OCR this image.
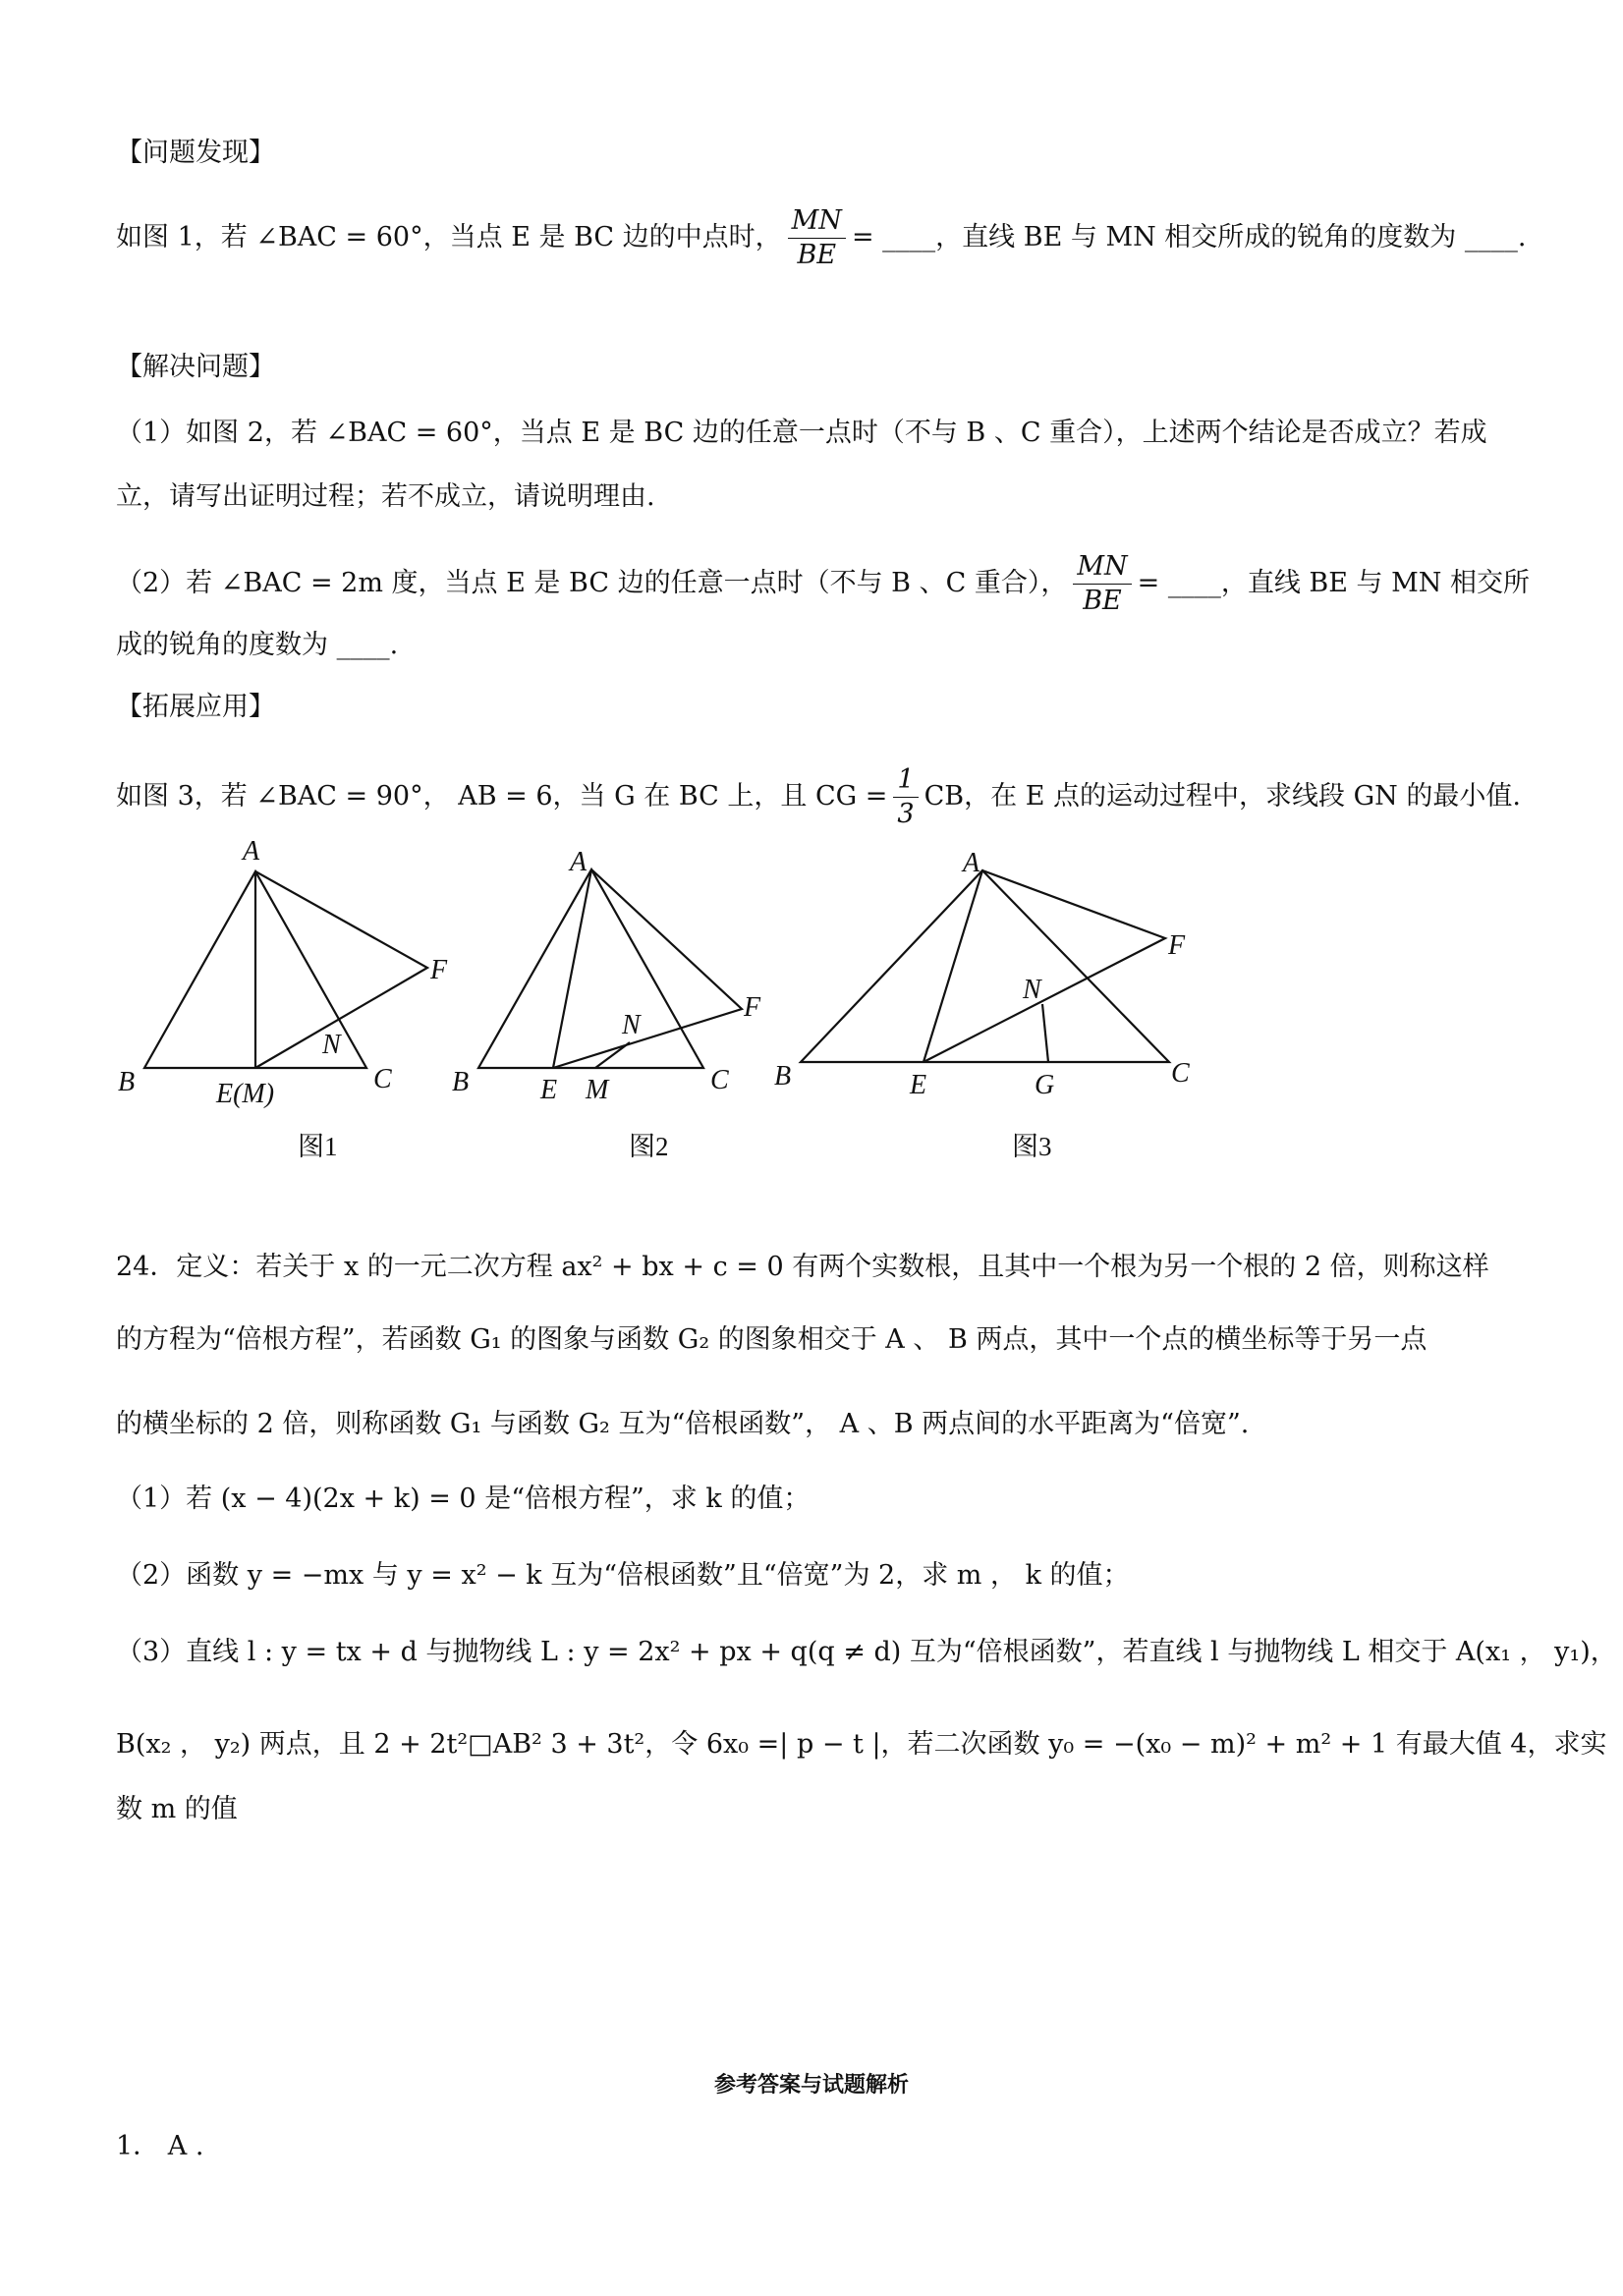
【问题发现】
如图 1，若 ∠BAC = 60°，当点 E 是 BC 边的中点时， $\frac{MN}{BE}$ = ____，直线 BE 与 MN 相交所成的锐角的度数为 ____.
【解决问题】
（1）如图 2，若 ∠BAC = 60°，当点 E 是 BC 边的任意一点时（不与 B 、C 重合），上述两个结论是否成立？若成
立，请写出证明过程；若不成立，请说明理由.
（2）若 ∠BAC = 2m 度，当点 E 是 BC 边的任意一点时（不与 B 、C 重合）， $\frac{MN}{BE}$ = ____，直线 BE 与 MN 相交所
成的锐角的度数为 ____.
【拓展应用】
如图 3，若 ∠BAC = 90°， AB = 6，当 G 在 BC 上，且 CG = $\frac{1}{3}$ CB，在 E 点的运动过程中，求线段 GN 的最小值.
A
B	C
E(M)
F
N
A
B	C
E M
F
N
A
B	C
E	G
F
N
图1	图2	图3
24．定义：若关于 x 的一元二次方程 ax² + bx + c = 0 有两个实数根，且其中一个根为另一个根的 2 倍，则称这样
的方程为“倍根方程”，若函数 G₁ 的图象与函数 G₂ 的图象相交于 A 、 B 两点，其中一个点的横坐标等于另一点
的横坐标的 2 倍，则称函数 G₁ 与函数 G₂ 互为“倍根函数”， A 、B 两点间的水平距离为“倍宽”.
（1）若 (x − 4)(2x + k) = 0 是“倍根方程”，求 k 的值；
（2）函数 y = −mx 与 y = x² − k 互为“倍根函数”且“倍宽”为 2，求 m ， k 的值；
（3）直线 l : y = tx + d 与抛物线 L : y = 2x² + px + q(q ≠ d) 互为“倍根函数”，若直线 l 与抛物线 L 相交于 A(x₁ ， y₁)，
B(x₂ ， y₂) 两点，且 2 + 2t²□AB² 3 + 3t²，令 6x₀ =| p − t |，若二次函数 y₀ = −(x₀ − m)² + m² + 1 有最大值 4，求实
数 m 的值
参考答案与试题解析
1． A .
